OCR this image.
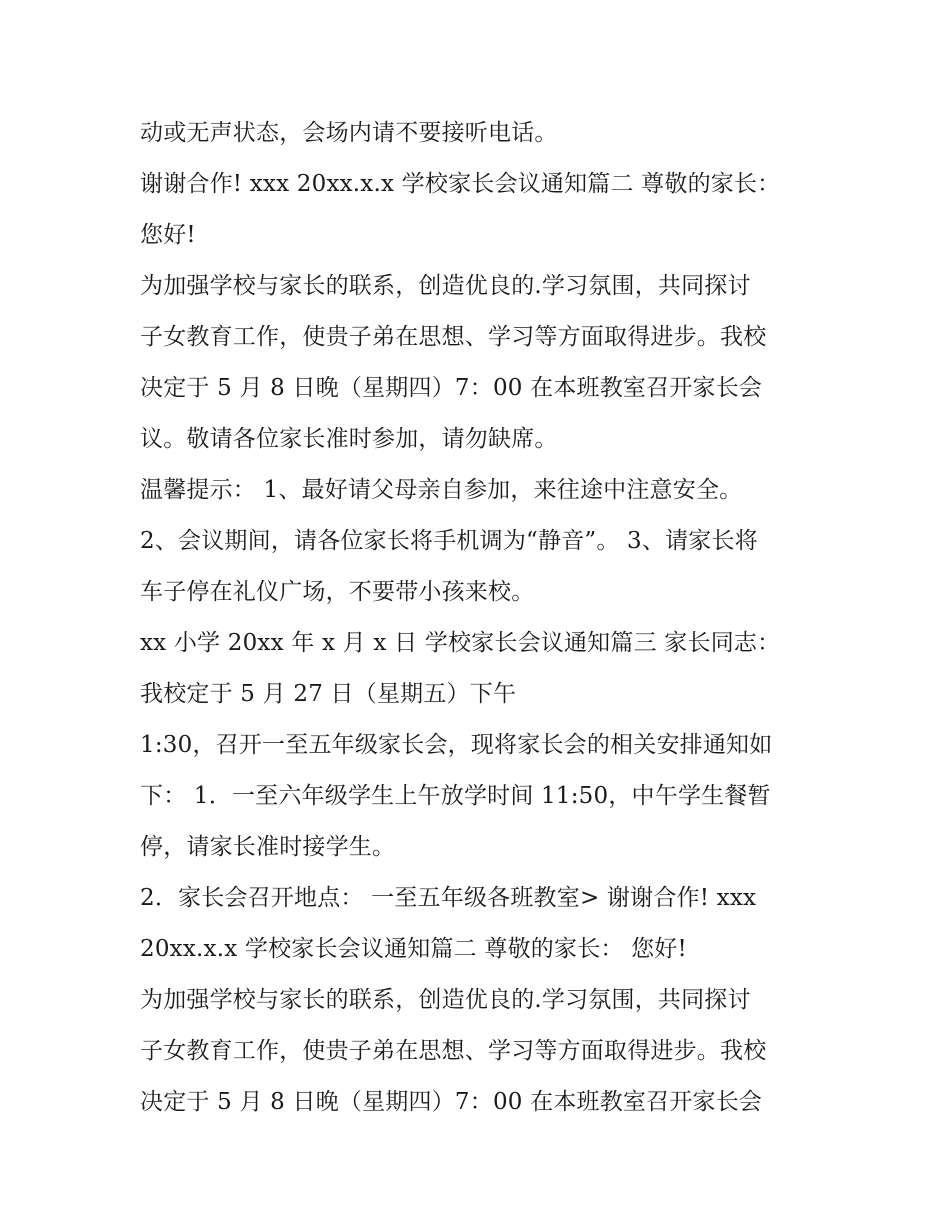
动或无声状态，会场内请不要接听电话。
谢谢合作! xxx 20xx.x.x 学校家长会议通知篇二 尊敬的家长：
您好!
为加强学校与家长的联系，创造优良的.学习氛围，共同探讨
子女教育工作，使贵子弟在思想、学习等方面取得进步。我校
决定于 5 月 8 日晚（星期四）7：00 在本班教室召开家长会
议。敬请各位家长准时参加，请勿缺席。
温馨提示： 1、最好请父母亲自参加，来往途中注意安全。
2、会议期间，请各位家长将手机调为“静音”。 3、请家长将
车子停在礼仪广场，不要带小孩来校。
xx 小学 20xx 年 x 月 x 日 学校家长会议通知篇三 家长同志：
我校定于 5 月 27 日（星期五）下午
1:30，召开一至五年级家长会，现将家长会的相关安排通知如
下： 1．一至六年级学生上午放学时间 11:50，中午学生餐暂
停，请家长准时接学生。
2．家长会召开地点： 一至五年级各班教室> 谢谢合作! xxx
20xx.x.x 学校家长会议通知篇二 尊敬的家长： 您好!
为加强学校与家长的联系，创造优良的.学习氛围，共同探讨
子女教育工作，使贵子弟在思想、学习等方面取得进步。我校
决定于 5 月 8 日晚（星期四）7：00 在本班教室召开家长会
